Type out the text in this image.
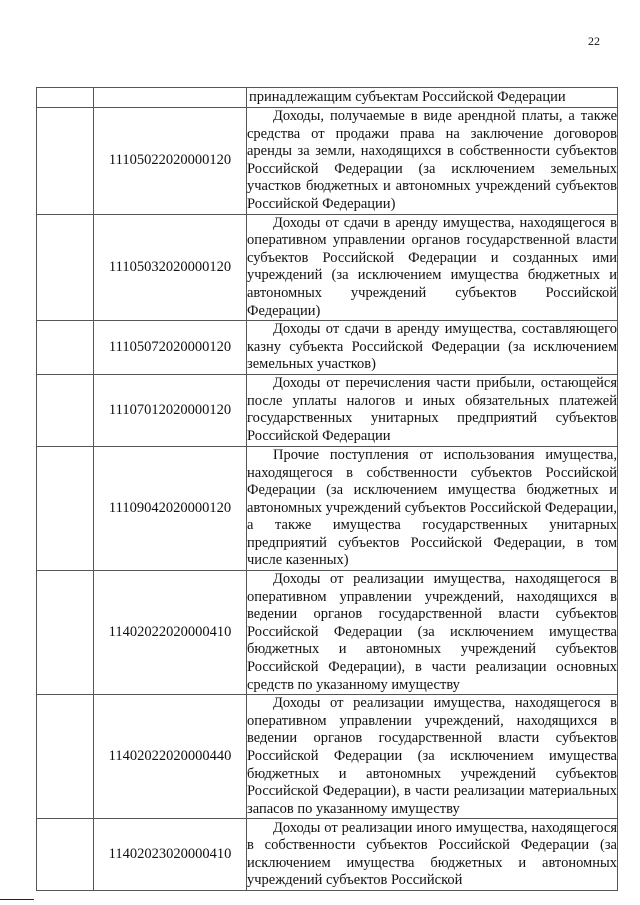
22

		принадлежащим субъектам Российской Федерации

	11105022020000120	Доходы, получаемые в виде арендной платы, а также средства от продажи права на заключение договоров аренды за земли, находящихся в собственности субъектов Российской Федерации (за исключением земельных участков бюджетных и автономных учреждений субъектов Российской Федерации)

	11105032020000120	Доходы от сдачи в аренду имущества, находящегося в оперативном управлении органов государственной власти субъектов Российской Федерации и созданных ими учреждений (за исключением имущества бюджетных и автономных учреждений субъектов Российской Федерации)

	11105072020000120	Доходы от сдачи в аренду имущества, составляющего казну субъекта Российской Федерации (за исключением земельных участков)

	11107012020000120	Доходы от перечисления части прибыли, остающейся после уплаты налогов и иных обязательных платежей государственных унитарных предприятий субъектов Российской Федерации

	11109042020000120	Прочие поступления от использования имущества, находящегося в собственности субъектов Российской Федерации (за исключением имущества бюджетных и автономных учреждений субъектов Российской Федерации, а также имущества государственных унитарных предприятий субъектов Российской Федерации, в том числе казенных)

	11402022020000410	Доходы от реализации имущества, находящегося в оперативном управлении учреждений, находящихся в ведении органов государственной власти субъектов Российской Федерации (за исключением имущества бюджетных и автономных учреждений субъектов Российской Федерации), в части реализации основных средств по указанному имуществу

	11402022020000440	Доходы от реализации имущества, находящегося в оперативном управлении учреждений, находящихся в ведении органов государственной власти субъектов Российской Федерации (за исключением имущества бюджетных и автономных учреждений субъектов Российской Федерации), в части реализации материальных запасов по указанному имуществу

	11402023020000410	Доходы от реализации иного имущества, находящегося в собственности субъектов Российской Федерации (за исключением имущества бюджетных и автономных учреждений субъектов Российской
